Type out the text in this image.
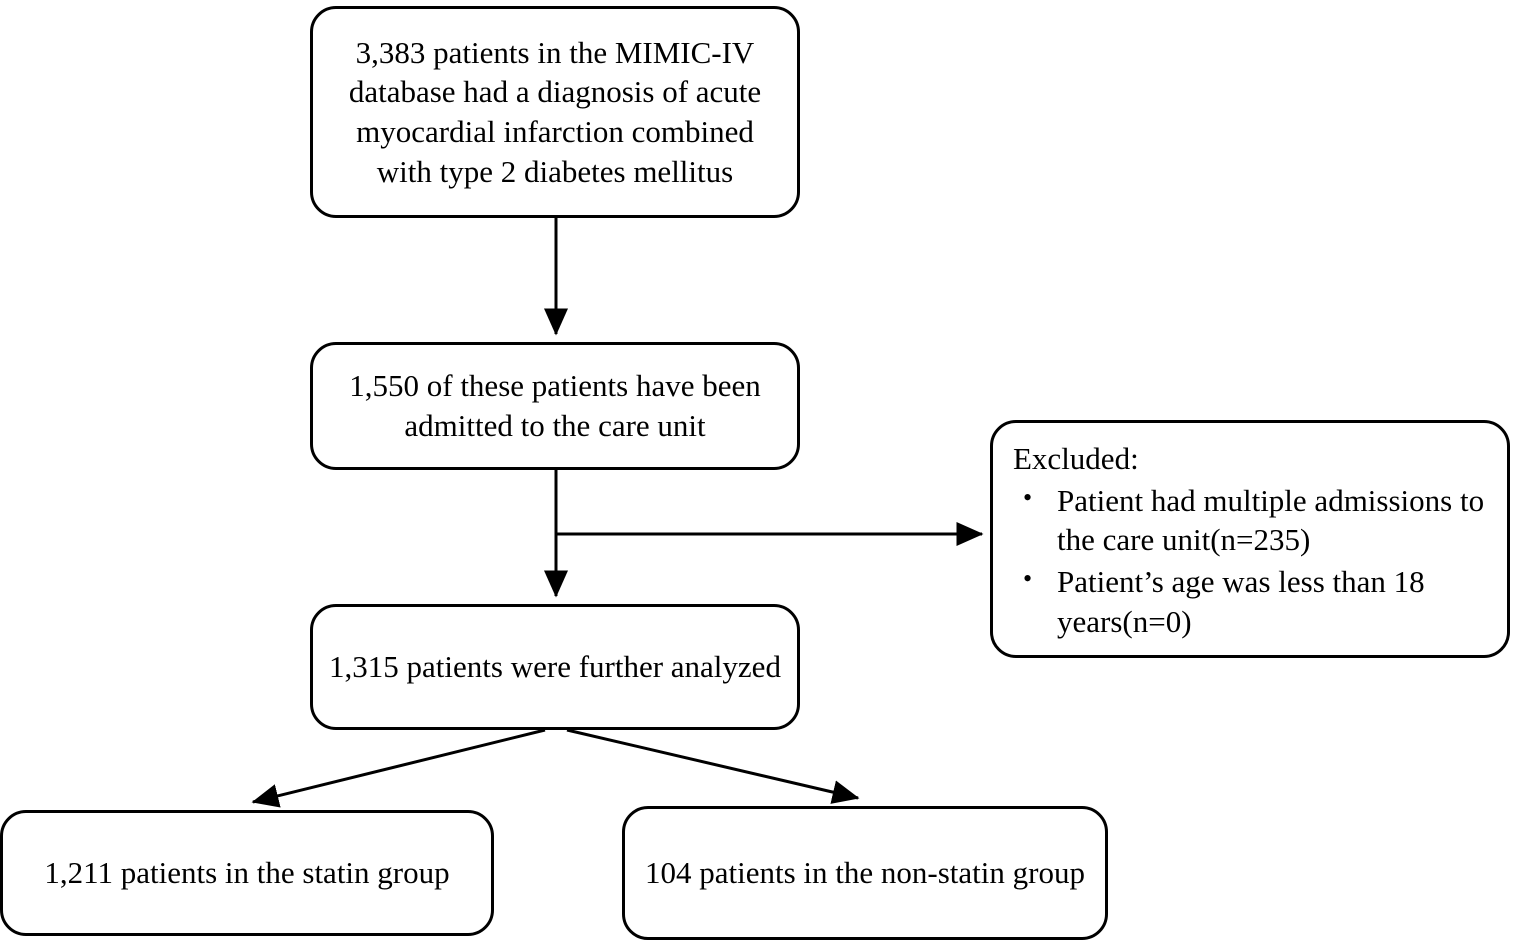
3,383 patients in the MIMIC-IV database had a diagnosis of acute myocardial infarction combined with type 2 diabetes mellitus
1,550 of these patients have been admitted to the care unit
1,315 patients were further analyzed
1,211 patients in the statin group	104 patients in the non-statin group
Excluded:
• Patient had multiple admissions to the care unit(n=235)
• Patient’s age was less than 18 years(n=0)
